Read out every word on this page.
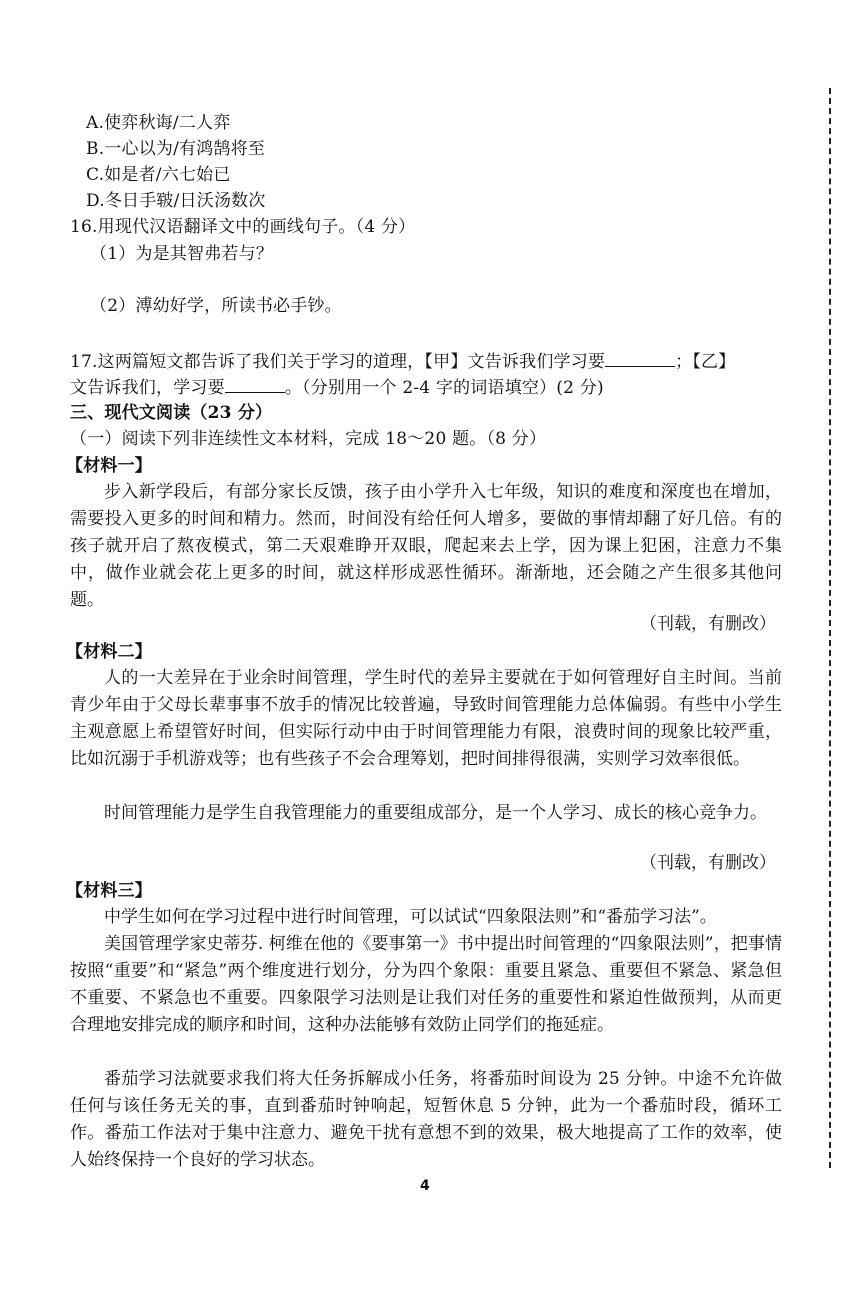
A.使弈秋诲/二人弈
B.一心以为/有鸿鹄将至
C.如是者/六七始已
D.冬日手皲/日沃汤数次
16.用现代汉语翻译文中的画线句子。（4 分）
（1）为是其智弗若与？
（2）溥幼好学，所读书必手钞。
17.这两篇短文都告诉了我们关于学习的道理，【甲】文告诉我们学习要	；【乙】
文告诉我们，学习要	。（分别用一个 2-4 字的词语填空）(2 分)
三、现代文阅读（23 分）
（一）阅读下列非连续性文本材料，完成 18～20 题。（8 分）
【材料一】

步入新学段后，有部分家长反馈，孩子由小学升入七年级，知识的难度和深度也在增加，需要投入更多的时间和精力。然而，时间没有给任何人增多，要做的事情却翻了好几倍。有的孩子就开启了熬夜模式，第二天艰难睁开双眼，爬起来去上学，因为课上犯困，注意力不集中，做作业就会花上更多的时间，就这样形成恶性循环。渐渐地，还会随之产生很多其他问题。

（刊载，有删改）
【材料二】

人的一大差异在于业余时间管理，学生时代的差异主要就在于如何管理好自主时间。当前青少年由于父母长辈事事不放手的情况比较普遍，导致时间管理能力总体偏弱。有些中小学生主观意愿上希望管好时间，但实际行动中由于时间管理能力有限，浪费时间的现象比较严重，比如沉溺于手机游戏等；也有些孩子不会合理筹划，把时间排得很满，实则学习效率很低。

时间管理能力是学生自我管理能力的重要组成部分，是一个人学习、成长的核心竞争力。

（刊载，有删改）
【材料三】

中学生如何在学习过程中进行时间管理，可以试试“四象限法则”和“番茄学习法”。

美国管理学家史蒂芬. 柯维在他的《要事第一》书中提出时间管理的“四象限法则”，把事情按照“重要”和“紧急”两个维度进行划分，分为四个象限：重要且紧急、重要但不紧急、紧急但不重要、不紧急也不重要。四象限学习法则是让我们对任务的重要性和紧迫性做预判，从而更合理地安排完成的顺序和时间，这种办法能够有效防止同学们的拖延症。

番茄学习法就要求我们将大任务拆解成小任务，将番茄时间设为 25 分钟。中途不允许做任何与该任务无关的事，直到番茄时钟响起，短暂休息 5 分钟，此为一个番茄时段，循环工作。番茄工作法对于集中注意力、避免干扰有意想不到的效果，极大地提高了工作的效率，使人始终保持一个良好的学习状态。

4
